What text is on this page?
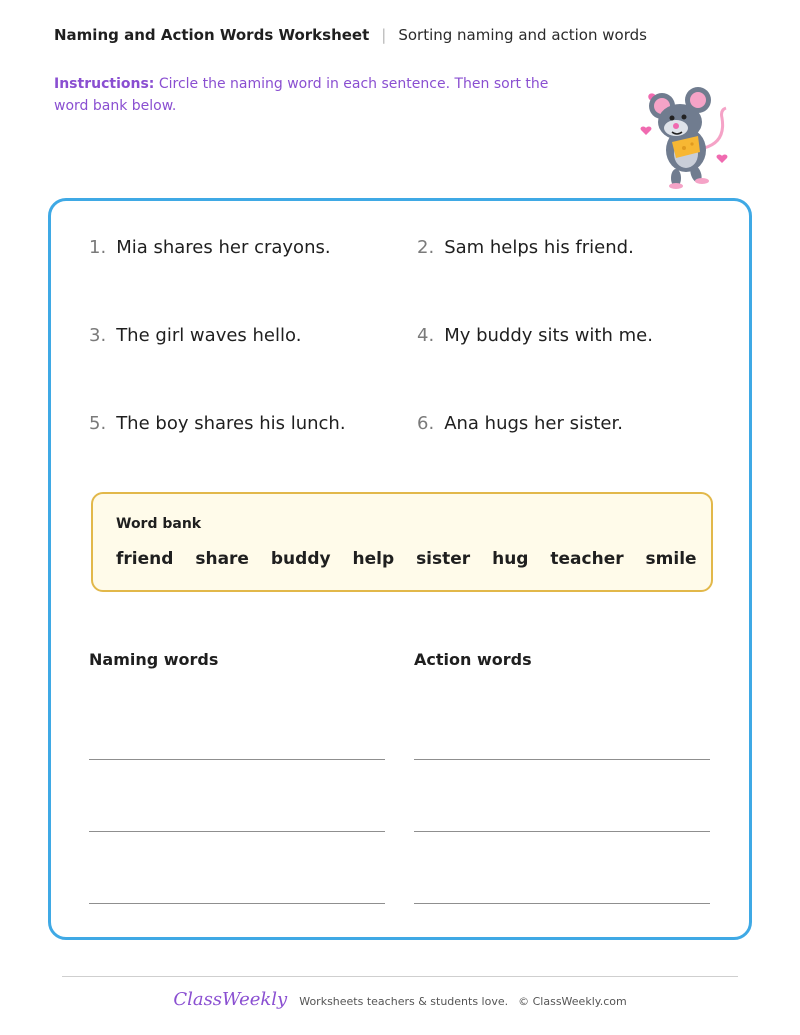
Naming and Action Words Worksheet | Sorting naming and action words
Instructions: Circle the naming word in each sentence. Then sort the word bank below.
1. Mia shares her crayons.	2. Sam helps his friend.
3. The girl waves hello.	4. My buddy sits with me.
5. The boy shares his lunch.	6. Ana hugs her sister.
Word bank
friend share buddy help sister hug teacher smile
Naming words	Action words
ClassWeekly Worksheets teachers & students love. © ClassWeekly.com
